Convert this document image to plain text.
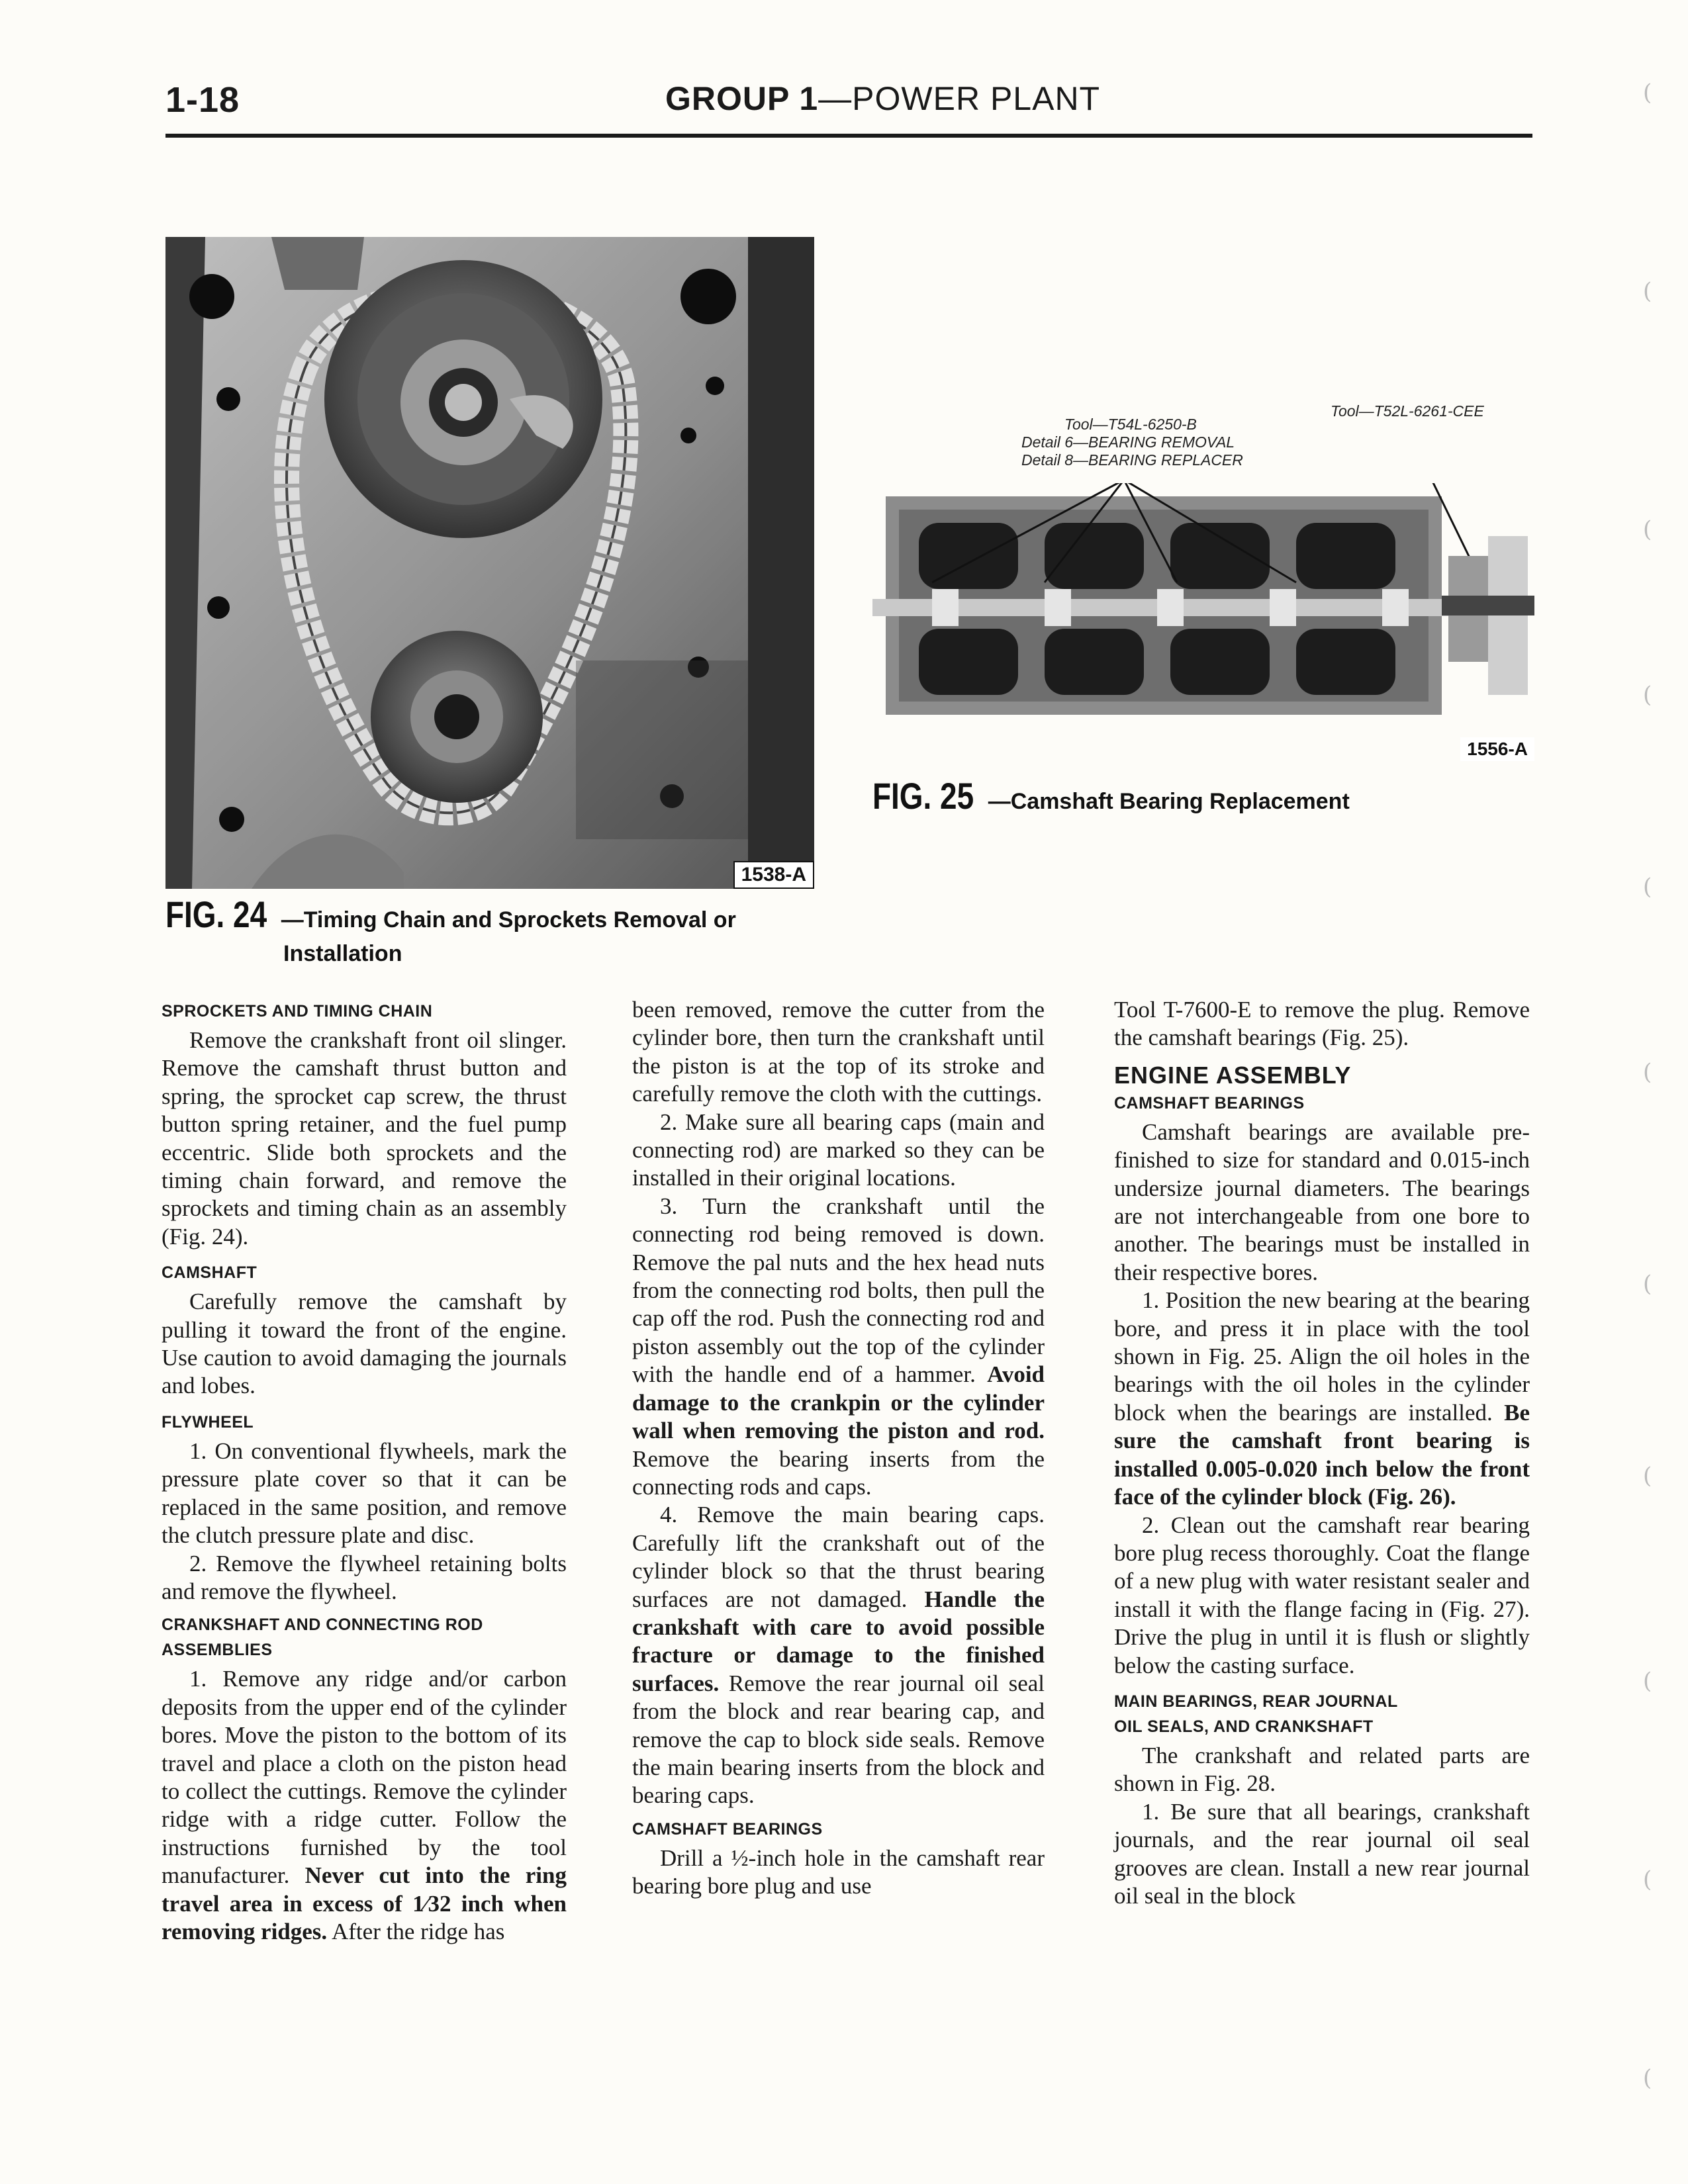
1-18	GROUP 1—POWER PLANT
1538-A
FIG. 24 —Timing Chain and Sprockets Removal or
Installation
Tool—T54L-6250-B
Detail 6—BEARING REMOVAL
Detail 8—BEARING REPLACER
Tool—T52L-6261-CEE
1556-A
FIG. 25 —Camshaft Bearing Replacement
SPROCKETS AND TIMING CHAIN

Remove the crankshaft front oil slinger. Remove the camshaft thrust button and spring, the sprocket cap screw, the thrust button spring retainer, and the fuel pump eccentric. Slide both sprockets and the timing chain forward, and remove the sprockets and timing chain as an assembly (Fig. 24).

CAMSHAFT

Carefully remove the camshaft by pulling it toward the front of the engine. Use caution to avoid damaging the journals and lobes.

FLYWHEEL

1. On conventional flywheels, mark the pressure plate cover so that it can be replaced in the same position, and remove the clutch pressure plate and disc.

2. Remove the flywheel retaining bolts and remove the flywheel.

CRANKSHAFT AND CONNECTING ROD
ASSEMBLIES

1. Remove any ridge and/or carbon deposits from the upper end of the cylinder bores. Move the piston to the bottom of its travel and place a cloth on the piston head to collect the cuttings. Remove the cylinder ridge with a ridge cutter. Follow the instructions furnished by the tool manufacturer. Never cut into the ring travel area in excess of 1⁄32 inch when removing ridges. After the ridge has

been removed, remove the cutter from the cylinder bore, then turn the crankshaft until the piston is at the top of its stroke and carefully remove the cloth with the cuttings.

2. Make sure all bearing caps (main and connecting rod) are marked so they can be installed in their original locations.

3. Turn the crankshaft until the connecting rod being removed is down. Remove the pal nuts and the hex head nuts from the connecting rod bolts, then pull the cap off the rod. Push the connecting rod and piston assembly out the top of the cylinder with the handle end of a hammer. Avoid damage to the crankpin or the cylinder wall when removing the piston and rod. Remove the bearing inserts from the connecting rods and caps.

4. Remove the main bearing caps. Carefully lift the crankshaft out of the cylinder block so that the thrust bearing surfaces are not damaged. Handle the crankshaft with care to avoid possible fracture or damage to the finished surfaces. Remove the rear journal oil seal from the block and rear bearing cap, and remove the cap to block side seals. Remove the main bearing inserts from the block and bearing caps.

CAMSHAFT BEARINGS

Drill a ½-inch hole in the camshaft rear bearing bore plug and use

Tool T-7600-E to remove the plug. Remove the camshaft bearings (Fig. 25).

ENGINE ASSEMBLY
CAMSHAFT BEARINGS

Camshaft bearings are available pre-finished to size for standard and 0.015-inch undersize journal diameters. The bearings are not interchangeable from one bore to another. The bearings must be installed in their respective bores.

1. Position the new bearing at the bearing bore, and press it in place with the tool shown in Fig. 25. Align the oil holes in the bearings with the oil holes in the cylinder block when the bearings are installed. Be sure the camshaft front bearing is installed 0.005-0.020 inch below the front face of the cylinder block (Fig. 26).

2. Clean out the camshaft rear bearing bore plug recess thoroughly. Coat the flange of a new plug with water resistant sealer and install it with the flange facing in (Fig. 27). Drive the plug in until it is flush or slightly below the casting surface.

MAIN BEARINGS, REAR JOURNAL
OIL SEALS, AND CRANKSHAFT

The crankshaft and related parts are shown in Fig. 28.

1. Be sure that all bearings, crankshaft journals, and the rear journal oil seal grooves are clean. Install a new rear journal oil seal in the block

(
(
(
(
(
(
(
(
(
(
(
